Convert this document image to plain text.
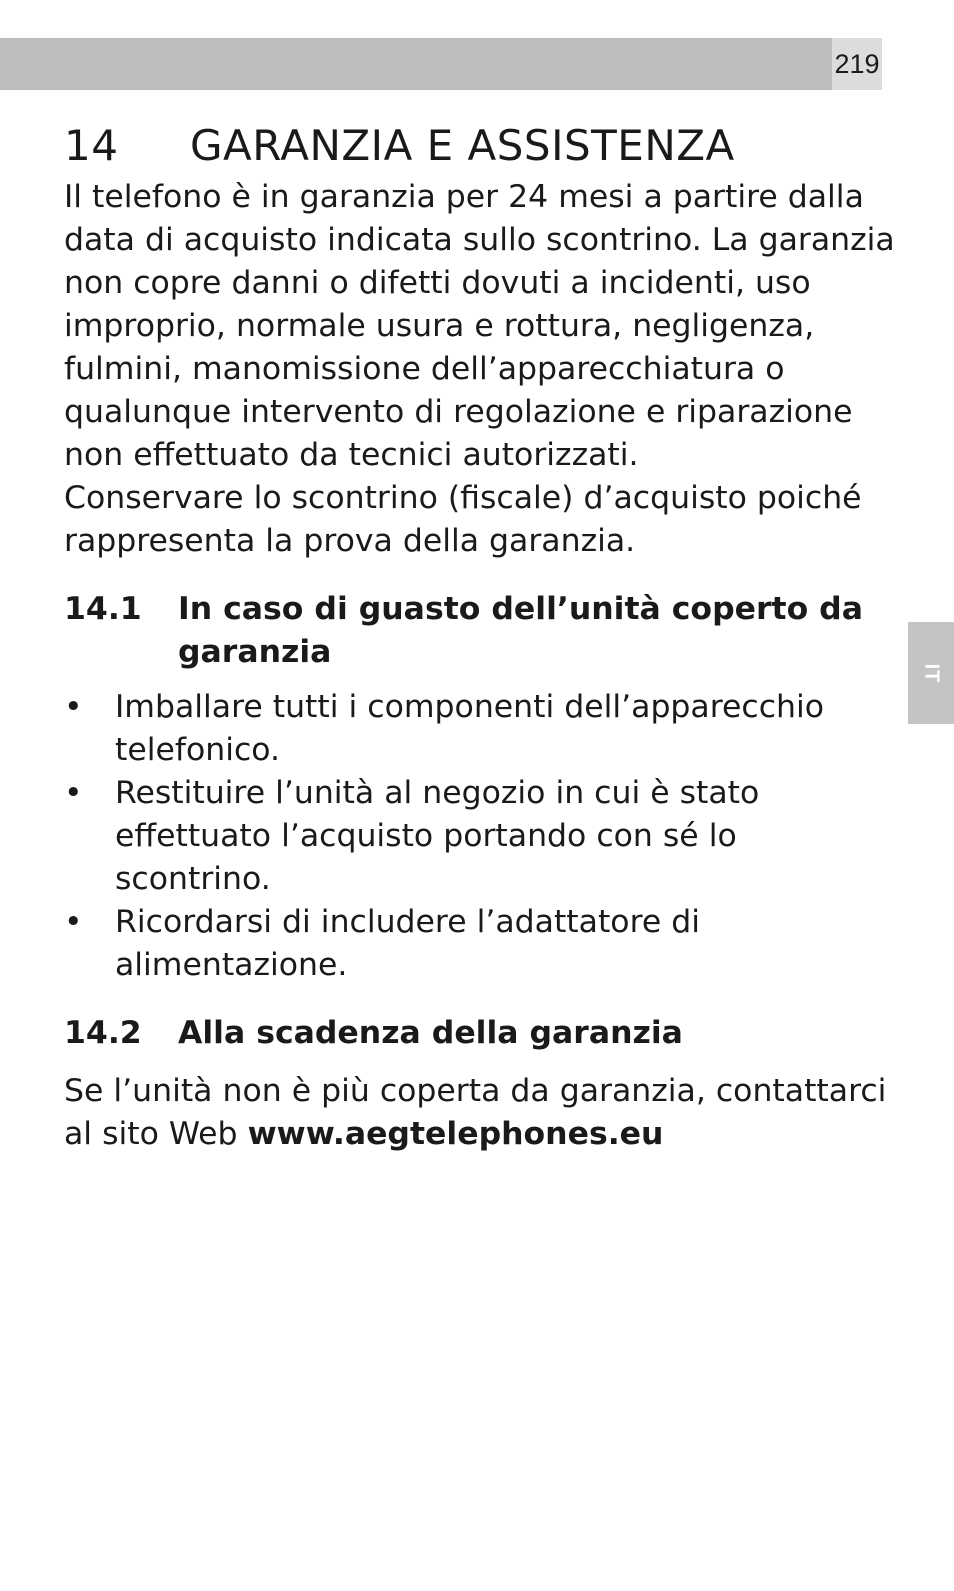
219
IT
14	GARANZIA E ASSISTENZA

Il telefono è in garanzia per 24 mesi a partire dalla data di acquisto indicata sullo scontrino. La garanzia non copre danni o difetti dovuti a incidenti, uso improprio, normale usura e rottura, negligenza, fulmini, manomissione dell’apparecchiatura o qualunque intervento di regolazione e riparazione non effettuato da tecnici autorizzati.

Conservare lo scontrino (fiscale) d’acquisto poiché rappresenta la prova della garanzia.

14.1	In caso di guasto dell’unità coperto da garanzia
•	Imballare tutti i componenti dell’apparecchio telefonico.
•	Restituire l’unità al negozio in cui è stato effettuato l’acquisto portando con sé lo scontrino.
•	Ricordarsi di includere l’adattatore di alimentazione.
14.2	Alla scadenza della garanzia

Se l’unità non è più coperta da garanzia, contattarci al sito Web www.aegtelephones.eu
